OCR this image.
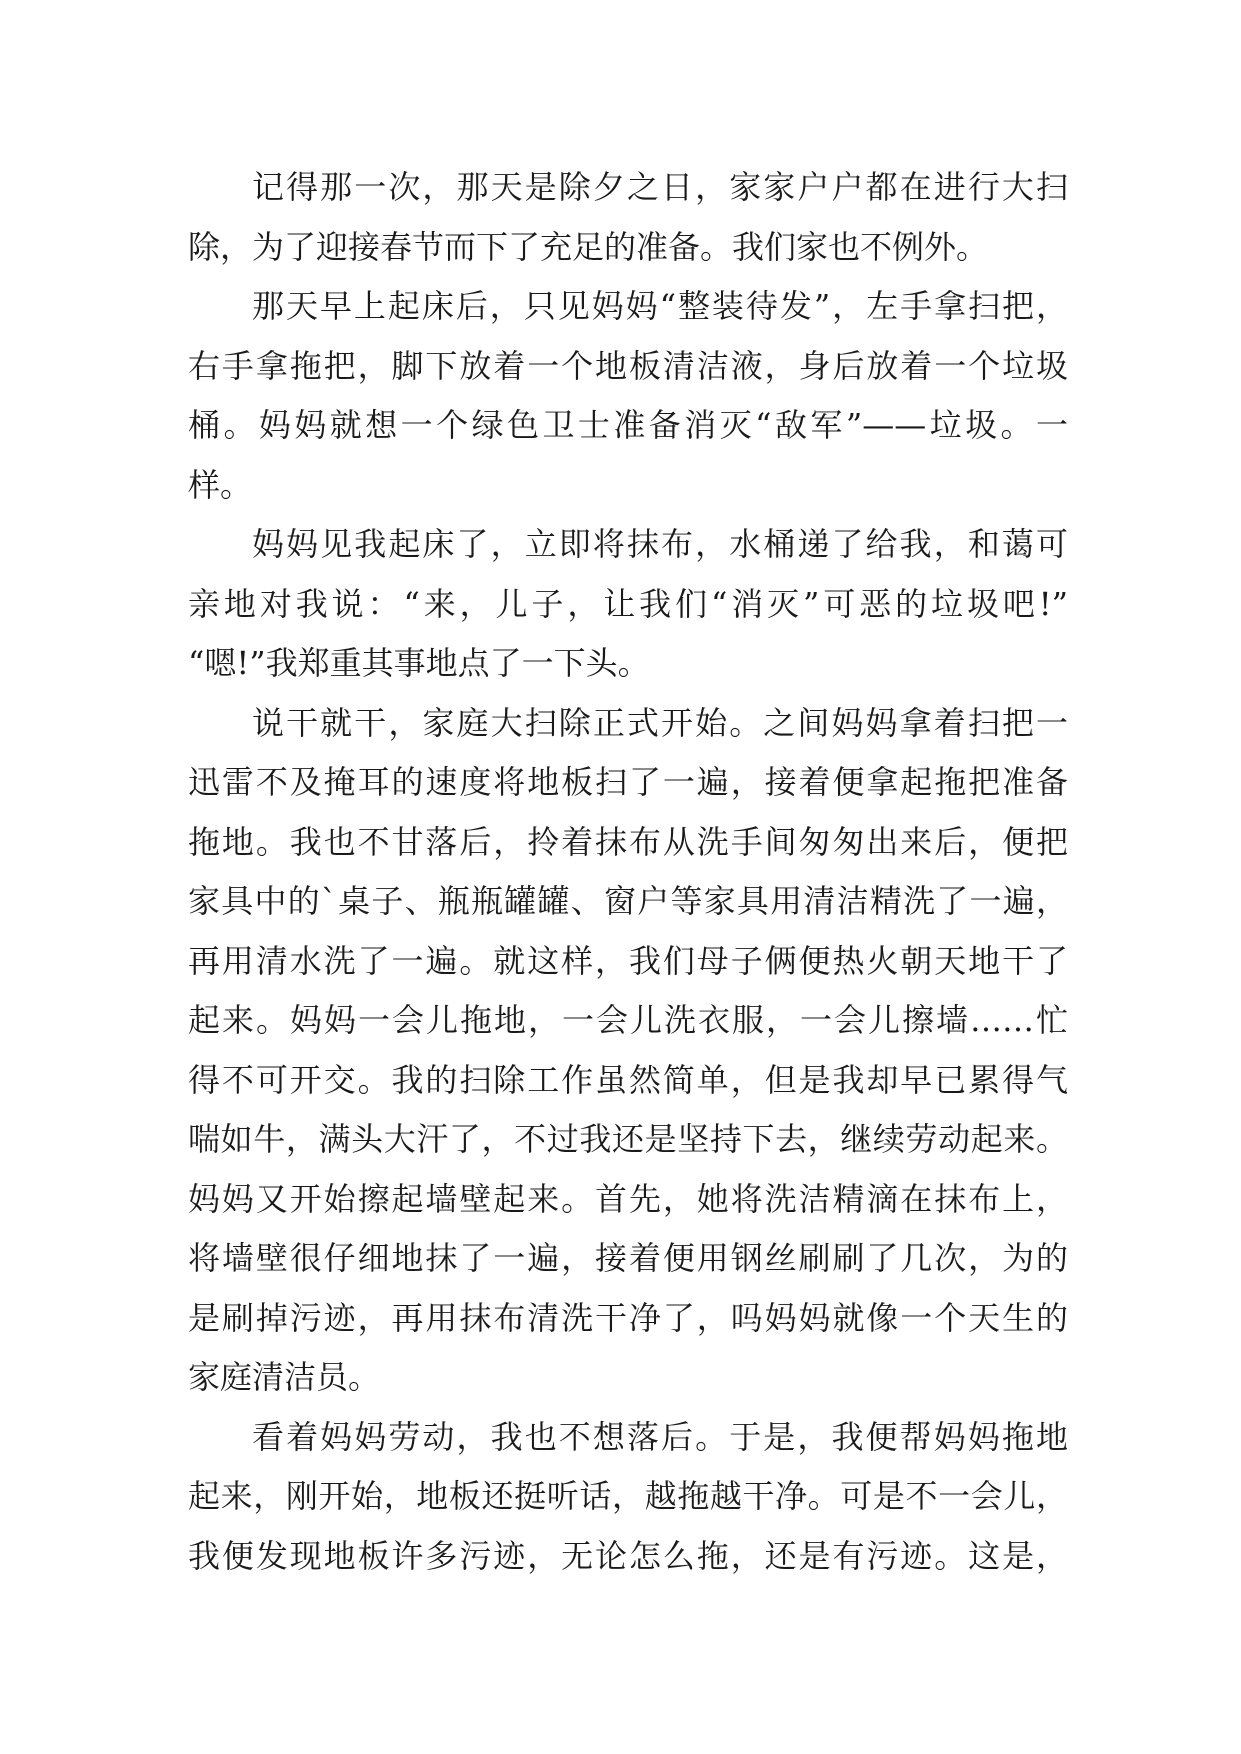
记得那一次，那天是除夕之日，家家户户都在进行大扫
除，为了迎接春节而下了充足的准备。我们家也不例外。
那天早上起床后，只见妈妈“整装待发”，左手拿扫把，
右手拿拖把，脚下放着一个地板清洁液，身后放着一个垃圾
桶。妈妈就想一个绿色卫士准备消灭“敌军”——垃圾。一
样。
妈妈见我起床了，立即将抹布，水桶递了给我，和蔼可
亲地对我说：“来，儿子，让我们“消灭”可恶的垃圾吧!”
“嗯!”我郑重其事地点了一下头。
说干就干，家庭大扫除正式开始。之间妈妈拿着扫把一
迅雷不及掩耳的速度将地板扫了一遍，接着便拿起拖把准备
拖地。我也不甘落后，拎着抹布从洗手间匆匆出来后，便把
家具中的`桌子、瓶瓶罐罐、窗户等家具用清洁精洗了一遍，
再用清水洗了一遍。就这样，我们母子俩便热火朝天地干了
起来。妈妈一会儿拖地，一会儿洗衣服，一会儿擦墙……忙
得不可开交。我的扫除工作虽然简单，但是我却早已累得气
喘如牛，满头大汗了，不过我还是坚持下去，继续劳动起来。
妈妈又开始擦起墙壁起来。首先，她将洗洁精滴在抹布上，
将墙壁很仔细地抹了一遍，接着便用钢丝刷刷了几次，为的
是刷掉污迹，再用抹布清洗干净了，吗妈妈就像一个天生的
家庭清洁员。
看着妈妈劳动，我也不想落后。于是，我便帮妈妈拖地
起来，刚开始，地板还挺听话，越拖越干净。可是不一会儿，
我便发现地板许多污迹，无论怎么拖，还是有污迹。这是，
